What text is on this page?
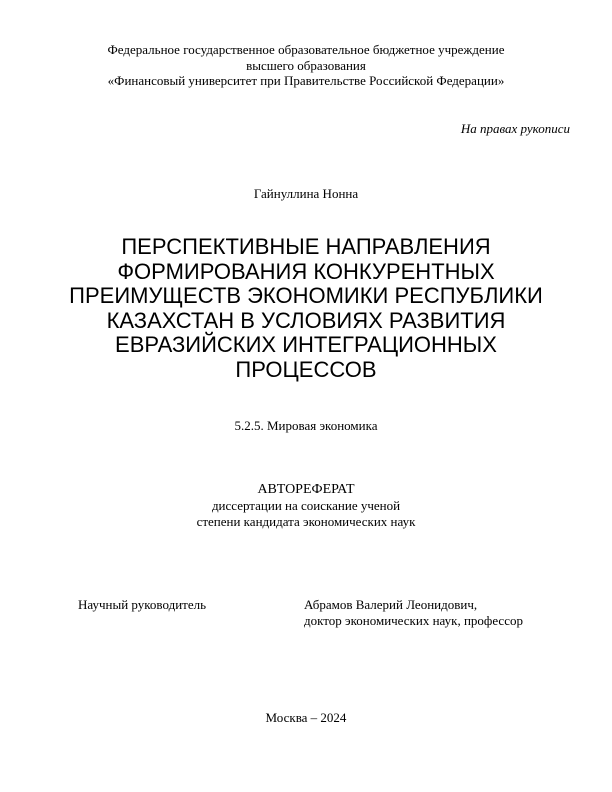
Федеральное государственное образовательное бюджетное учреждение
высшего образования
«Финансовый университет при Правительстве Российской Федерации»
На правах рукописи
Гайнуллина Нонна
ПЕРСПЕКТИВНЫЕ НАПРАВЛЕНИЯ
ФОРМИРОВАНИЯ КОНКУРЕНТНЫХ
ПРЕИМУЩЕСТВ ЭКОНОМИКИ РЕСПУБЛИКИ
КАЗАХСТАН В УСЛОВИЯХ РАЗВИТИЯ
ЕВРАЗИЙСКИХ ИНТЕГРАЦИОННЫХ
ПРОЦЕССОВ
5.2.5. Мировая экономика
АВТОРЕФЕРАТ
диссертации на соискание ученой
степени кандидата экономических наук
Научный руководитель	Абрамов Валерий Леонидович,
доктор экономических наук, профессор
Москва – 2024
